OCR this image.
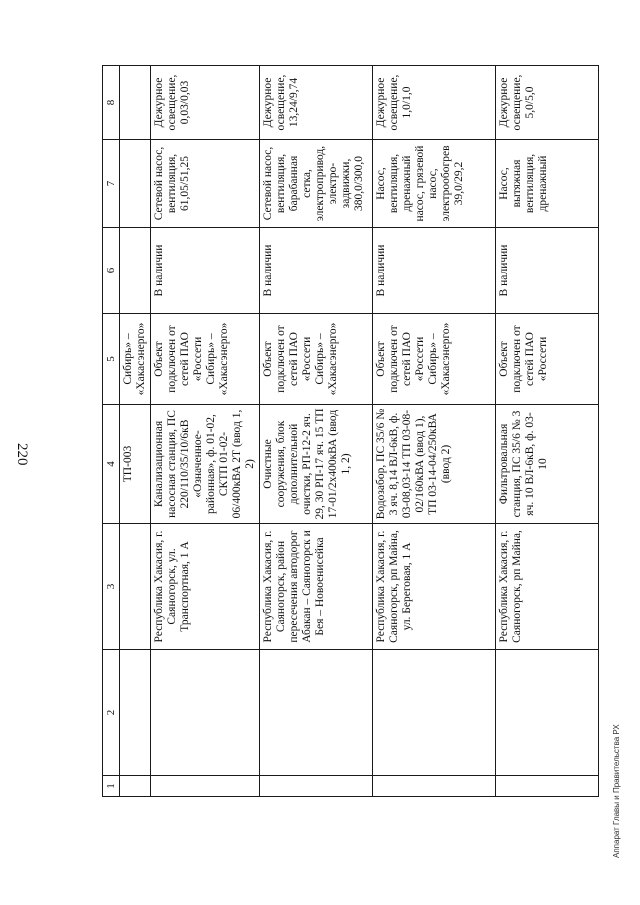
220
1	2	3	4	5	6	7	8
			ТП-003	Сибирь» – «Хакасэнерго»			
		Республика Хакасия, г. Саяногорск, ул. Транспортная, 1 А	Канализационная насосная станция, ПС 220/110/35/10/6кВ «Означенное-районная», ф. 01-02, СКТП 01-02-06/400кВА 2Т (ввод 1, 2)	Объект подключен от сетей ПАО «Россети Сибирь» – «Хакасэнерго»	В наличии	Сетевой насос, вентиляция, 61,05/51,25	Дежурное освещение, 0,03/0,03
		Республика Хакасия, г. Саяногорск, район пересечения автодорог Абакан – Саяногорск и Бея – Новоенисейка	Очистные сооружения, блок дополнительной очистки, РП-12-2 яч. 29, 30 РП-17 яч. 15 ТП 17-01/2х400кВА (ввод 1, 2)	Объект подключен от сетей ПАО «Россети Сибирь» – «Хакасэнерго»	В наличии	Сетевой насос, вентиляция, барабанная сетка, электропривод, электро-задвижки, 380,0/300,0	Дежурное освещение, 13,24/9,74
		Республика Хакасия, г. Саяногорск, рп Майна, ул. Береговая, 1 А	Водозабор, ПС 35/6 № 3 яч. 8,14 ВЛ-6кВ, ф. 03-08,03-14 ТП 03-08-02/160кВА (ввод 1), ТП 03-14-04/250кВА (ввод 2)	Объект подключен от сетей ПАО «Россети Сибирь» – «Хакасэнерго»	В наличии	Насос, вентиляция, дренажный насос, грязевой насос, электрообогрев 39,0/29,2	Дежурное освещение, 1,0/1,0
		Республика Хакасия, г. Саяногорск, рп Майна,	Фильтровальная станция, ПС 35/6 № 3 яч. 10 ВЛ-6кВ, ф. 03-10	Объект подключен от сетей ПАО «Россети	В наличии	Насос, вытяжная вентиляция, дренажный	Дежурное освещение, 5,0/5,0
Аппарат Главы и Правительства РХ
